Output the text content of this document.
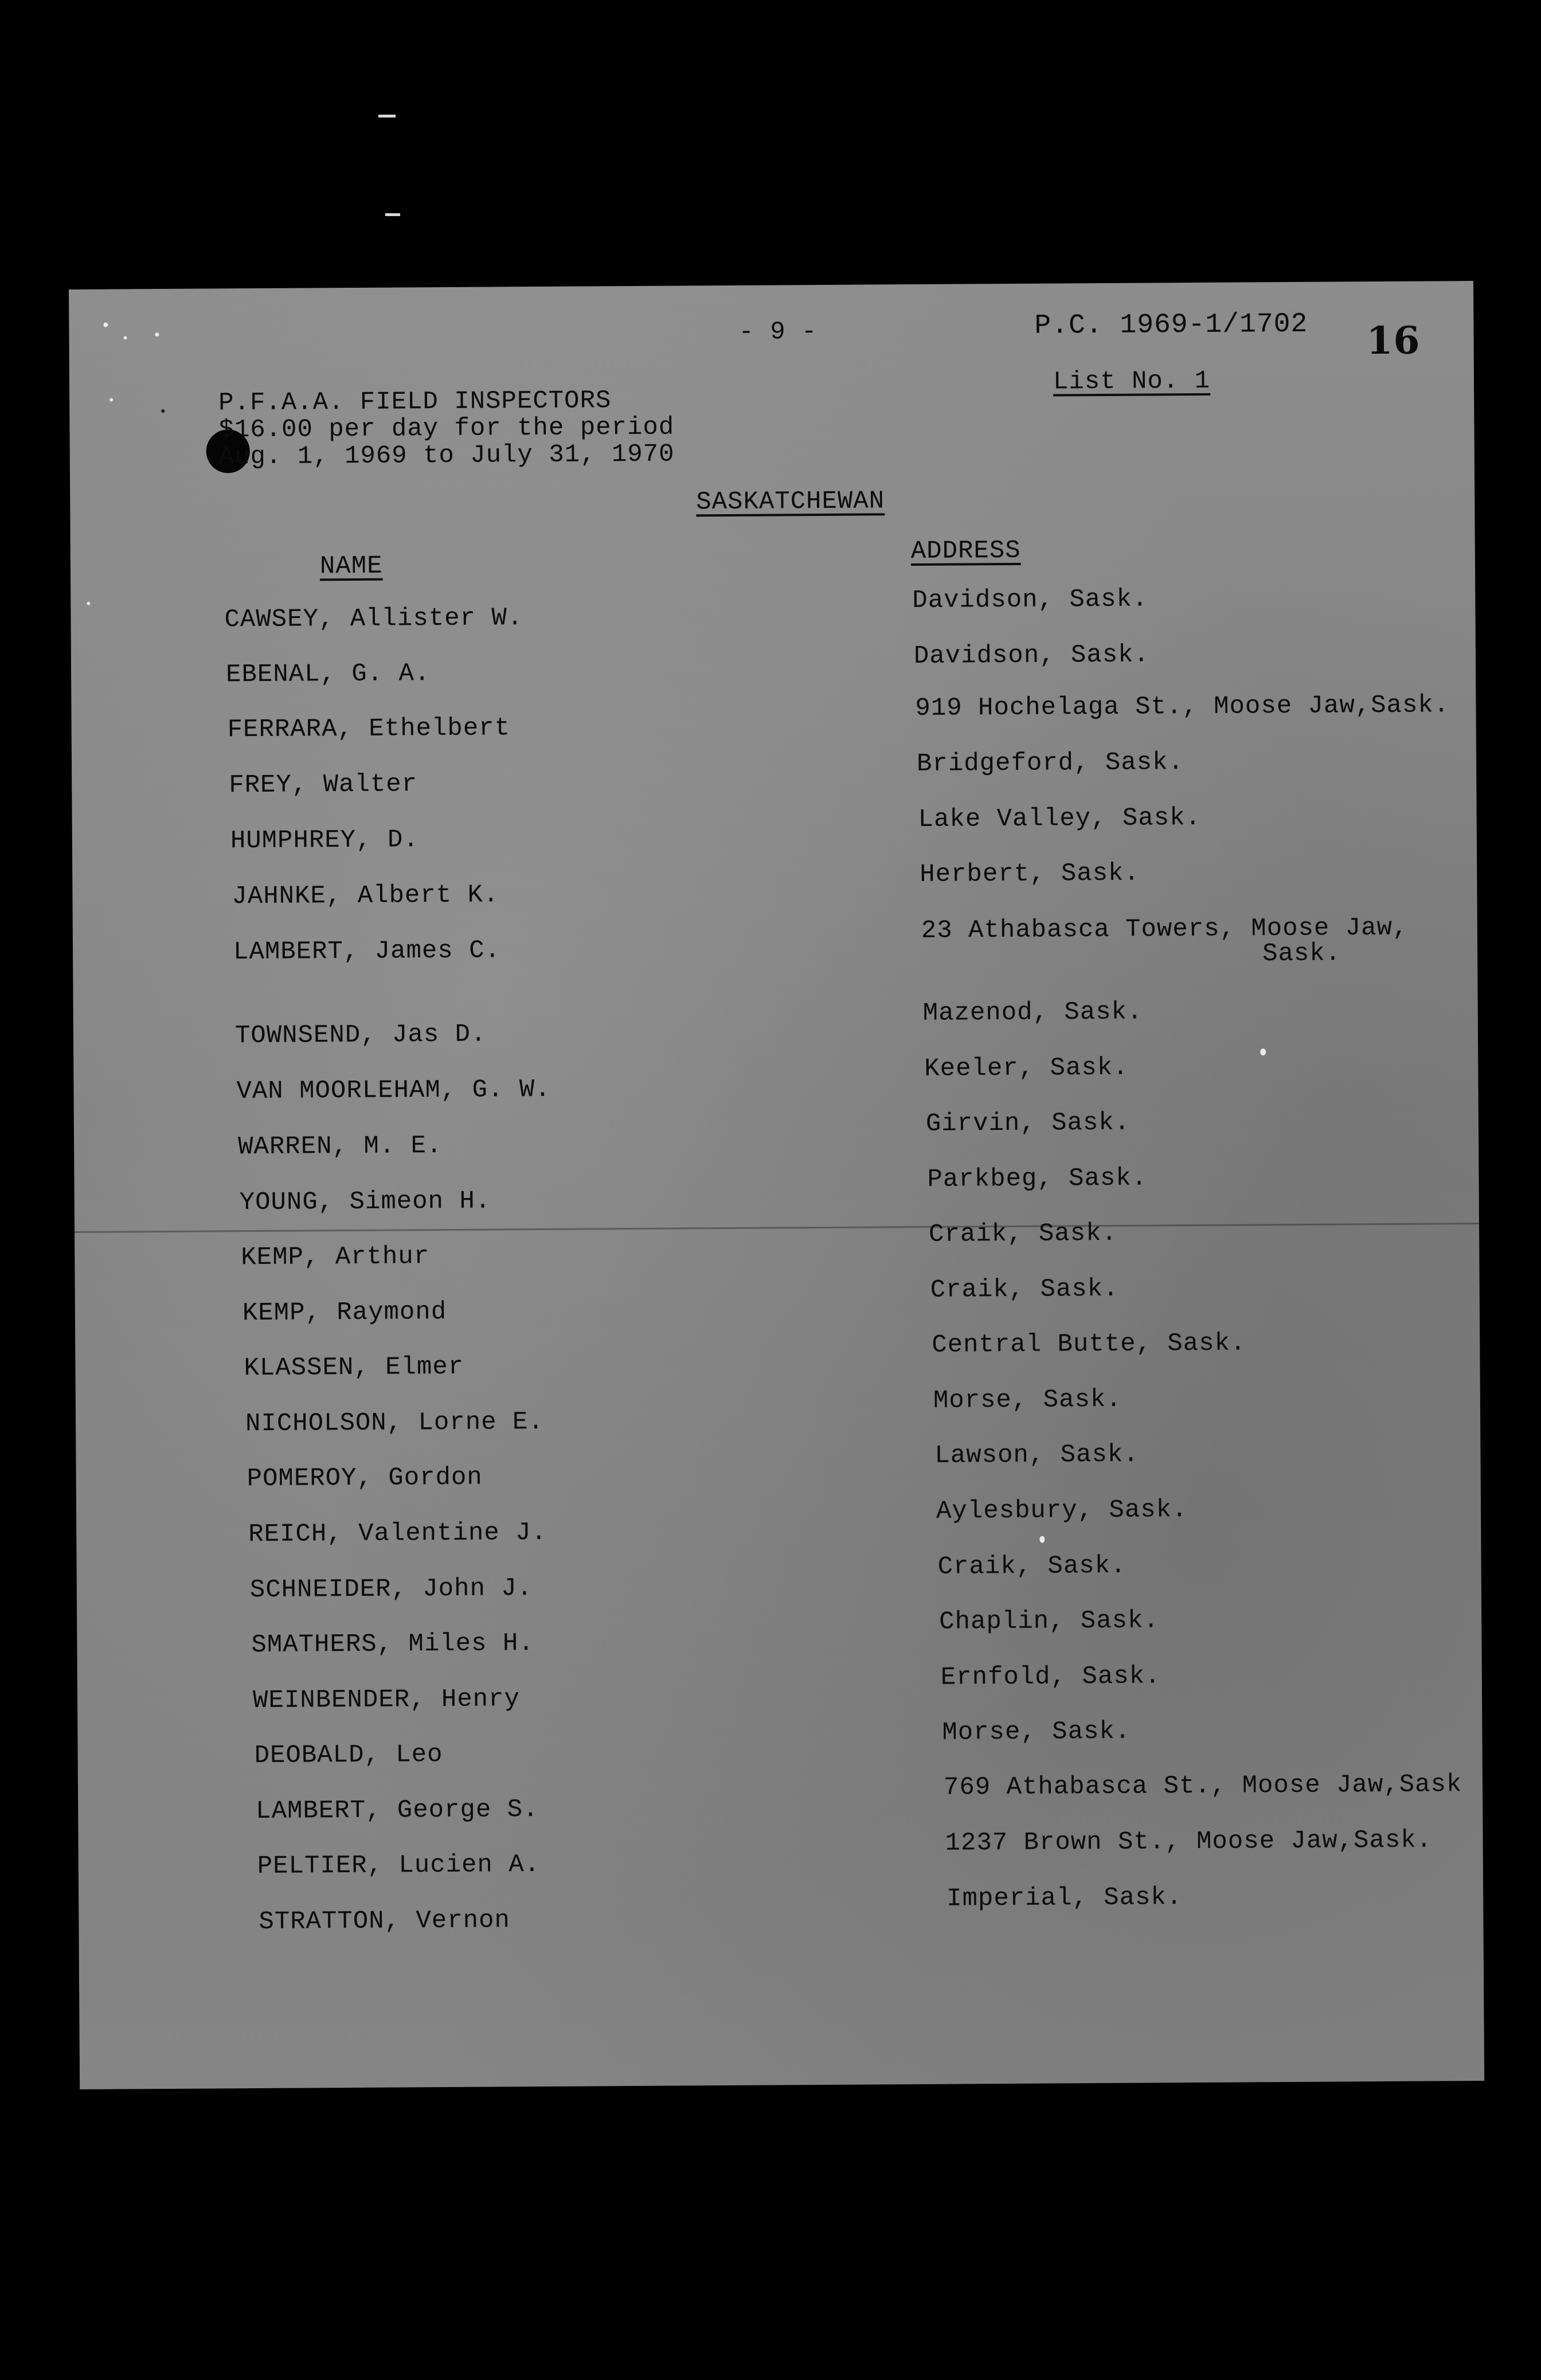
- 9 -	P.C. 1969-1/1702 16
List No. 1
P.F.A.A. FIELD INSPECTORS
$16.00 per day for the period
Aug. 1, 1969 to July 31, 1970
SASKATCHEWAN
NAME
ADDRESS
CAWSEY, Allister W.
Davidson, Sask.
EBENAL, G. A.
Davidson, Sask.
FERRARA, Ethelbert
919 Hochelaga St., Moose Jaw,Sask.
FREY, Walter
Bridgeford, Sask.
HUMPHREY, D.
Lake Valley, Sask.
JAHNKE, Albert K.
Herbert, Sask.
LAMBERT, James C.
23 Athabasca Towers, Moose Jaw,
Sask.
TOWNSEND, Jas D.
Mazenod, Sask.
VAN MOORLEHAM, G. W.
Keeler, Sask.
WARREN, M. E.
Girvin, Sask.
YOUNG, Simeon H.
Parkbeg, Sask.
KEMP, Arthur
Craik, Sask.
KEMP, Raymond
Craik, Sask.
KLASSEN, Elmer
Central Butte, Sask.
NICHOLSON, Lorne E.
Morse, Sask.
POMEROY, Gordon
Lawson, Sask.
REICH, Valentine J.
Aylesbury, Sask.
SCHNEIDER, John J.
Craik, Sask.
SMATHERS, Miles H.
Chaplin, Sask.
WEINBENDER, Henry
Ernfold, Sask.
DEOBALD, Leo
Morse, Sask.
LAMBERT, George S.
769 Athabasca St., Moose Jaw,Sask
PELTIER, Lucien A.
1237 Brown St., Moose Jaw,Sask.
STRATTON, Vernon
Imperial, Sask.
